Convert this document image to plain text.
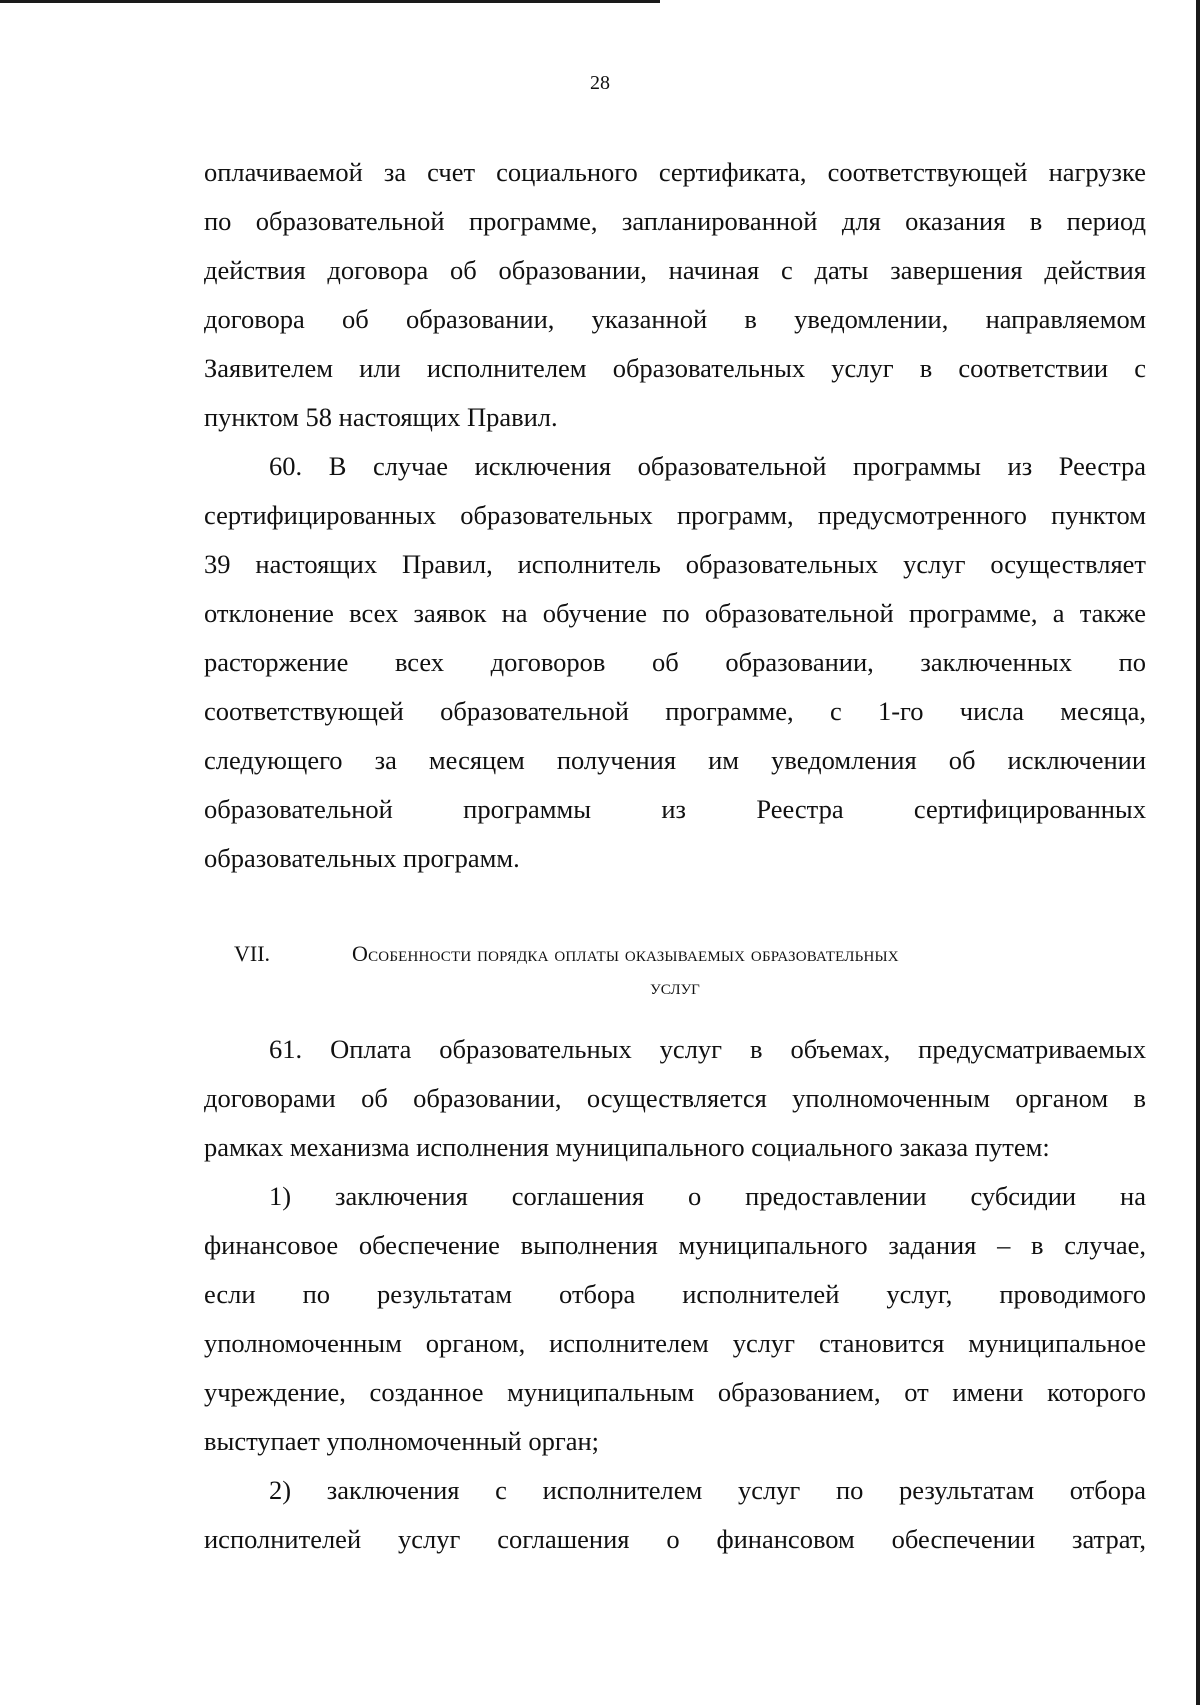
28
оплачиваемой за счет социального сертификата, соответствующей нагрузке
по образовательной программе, запланированной для оказания в период
действия договора об образовании, начиная с даты завершения действия
договора об образовании, указанной в уведомлении, направляемом
Заявителем или исполнителем образовательных услуг в соответствии с
пунктом 58 настоящих Правил.
60. В случае исключения образовательной программы из Реестра
сертифицированных образовательных программ, предусмотренного пунктом
39 настоящих Правил, исполнитель образовательных услуг осуществляет
отклонение всех заявок на обучение по образовательной программе, а также
расторжение всех договоров об образовании, заключенных по
соответствующей образовательной программе, с 1-го числа месяца,
следующего за месяцем получения им уведомления об исключении
образовательной программы из Реестра сертифицированных
образовательных программ.
VII.	Особенности порядка оплаты оказываемых образовательных
услуг
61. Оплата образовательных услуг в объемах, предусматриваемых
договорами об образовании, осуществляется уполномоченным органом в
рамках механизма исполнения муниципального социального заказа путем:
1) заключения соглашения о предоставлении субсидии на
финансовое обеспечение выполнения муниципального задания – в случае,
если по результатам отбора исполнителей услуг, проводимого
уполномоченным органом, исполнителем услуг становится муниципальное
учреждение, созданное муниципальным образованием, от имени которого
выступает уполномоченный орган;
2) заключения с исполнителем услуг по результатам отбора
исполнителей услуг соглашения о финансовом обеспечении затрат,
